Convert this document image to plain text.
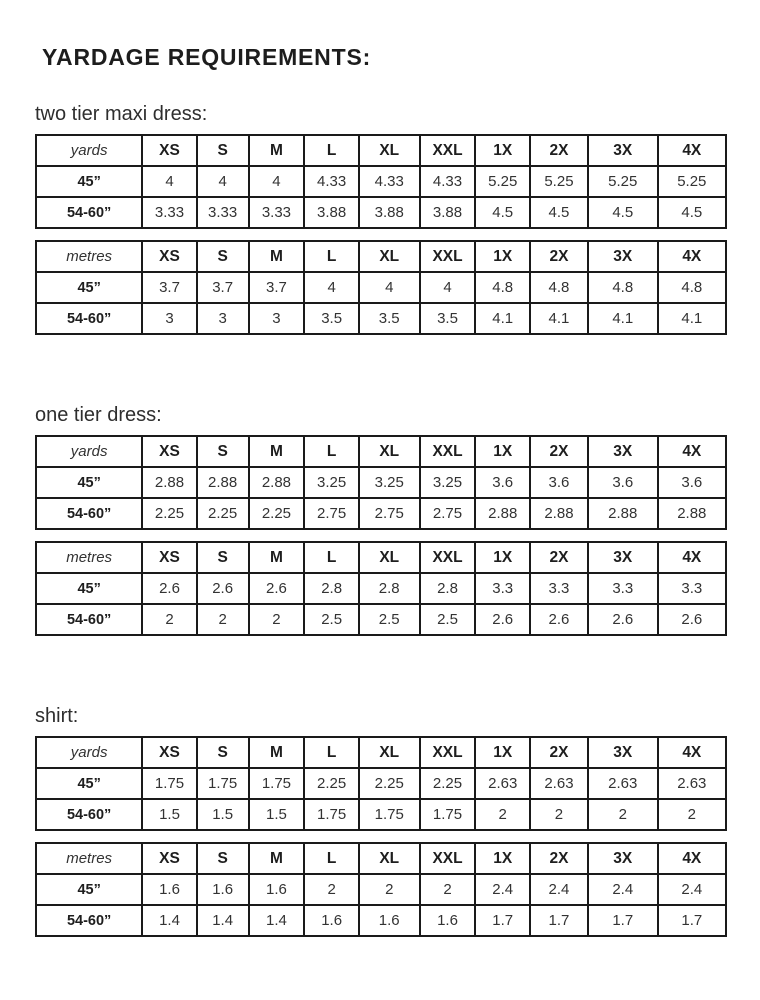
YARDAGE REQUIREMENTS:
two tier maxi dress:
yards	XS	S	M	L	XL	XXL	1X	2X	3X	4X
45”	4	4	4	4.33	4.33	4.33	5.25	5.25	5.25	5.25
54-60”	3.33	3.33	3.33	3.88	3.88	3.88	4.5	4.5	4.5	4.5
metres	XS	S	M	L	XL	XXL	1X	2X	3X	4X
45”	3.7	3.7	3.7	4	4	4	4.8	4.8	4.8	4.8
54-60”	3	3	3	3.5	3.5	3.5	4.1	4.1	4.1	4.1
one tier dress:
yards	XS	S	M	L	XL	XXL	1X	2X	3X	4X
45”	2.88	2.88	2.88	3.25	3.25	3.25	3.6	3.6	3.6	3.6
54-60”	2.25	2.25	2.25	2.75	2.75	2.75	2.88	2.88	2.88	2.88
metres	XS	S	M	L	XL	XXL	1X	2X	3X	4X
45”	2.6	2.6	2.6	2.8	2.8	2.8	3.3	3.3	3.3	3.3
54-60”	2	2	2	2.5	2.5	2.5	2.6	2.6	2.6	2.6
shirt:
yards	XS	S	M	L	XL	XXL	1X	2X	3X	4X
45”	1.75	1.75	1.75	2.25	2.25	2.25	2.63	2.63	2.63	2.63
54-60”	1.5	1.5	1.5	1.75	1.75	1.75	2	2	2	2
metres	XS	S	M	L	XL	XXL	1X	2X	3X	4X
45”	1.6	1.6	1.6	2	2	2	2.4	2.4	2.4	2.4
54-60”	1.4	1.4	1.4	1.6	1.6	1.6	1.7	1.7	1.7	1.7
